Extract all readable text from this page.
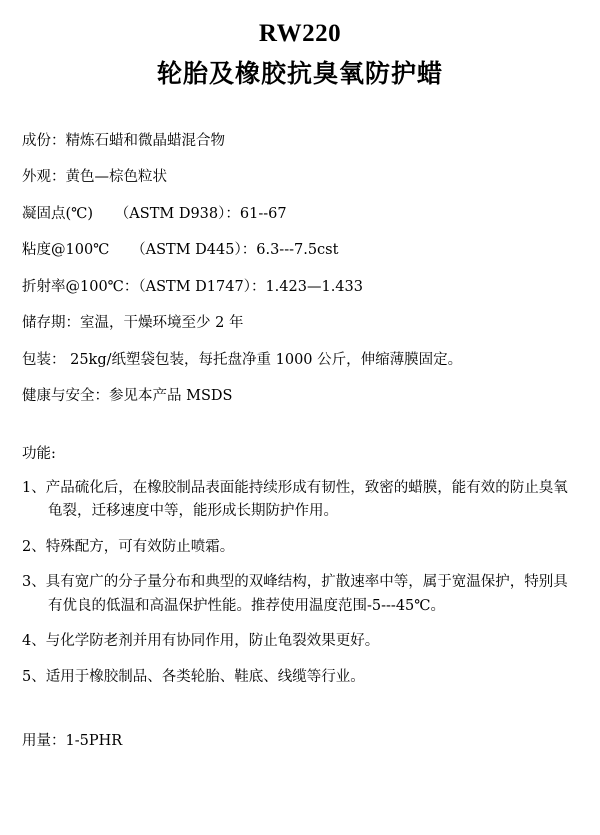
RW220
轮胎及橡胶抗臭氧防护蜡

成份：精炼石蜡和微晶蜡混合物

外观：黄色—棕色粒状

凝固点(℃)　　（ASTM D938）：61--67

粘度@100℃　　（ASTM D445）：6.3---7.5cst

折射率@100℃：（ASTM D1747）：1.423—1.433

储存期：室温，干燥环境至少 2 年

包装： 25kg/纸塑袋包装，每托盘净重 1000 公斤，伸缩薄膜固定。

健康与安全：参见本产品 MSDS

功能:
1、产品硫化后，在橡胶制品表面能持续形成有韧性，致密的蜡膜，能有效的防止臭氧龟裂，迁移速度中等，能形成长期防护作用。
2、特殊配方，可有效防止喷霜。
3、具有宽广的分子量分布和典型的双峰结构，扩散速率中等，属于宽温保护，特别具有优良的低温和高温保护性能。推荐使用温度范围-5---45℃。
4、与化学防老剂并用有协同作用，防止龟裂效果更好。
5、适用于橡胶制品、各类轮胎、鞋底、线缆等行业。
用量：1-5PHR
